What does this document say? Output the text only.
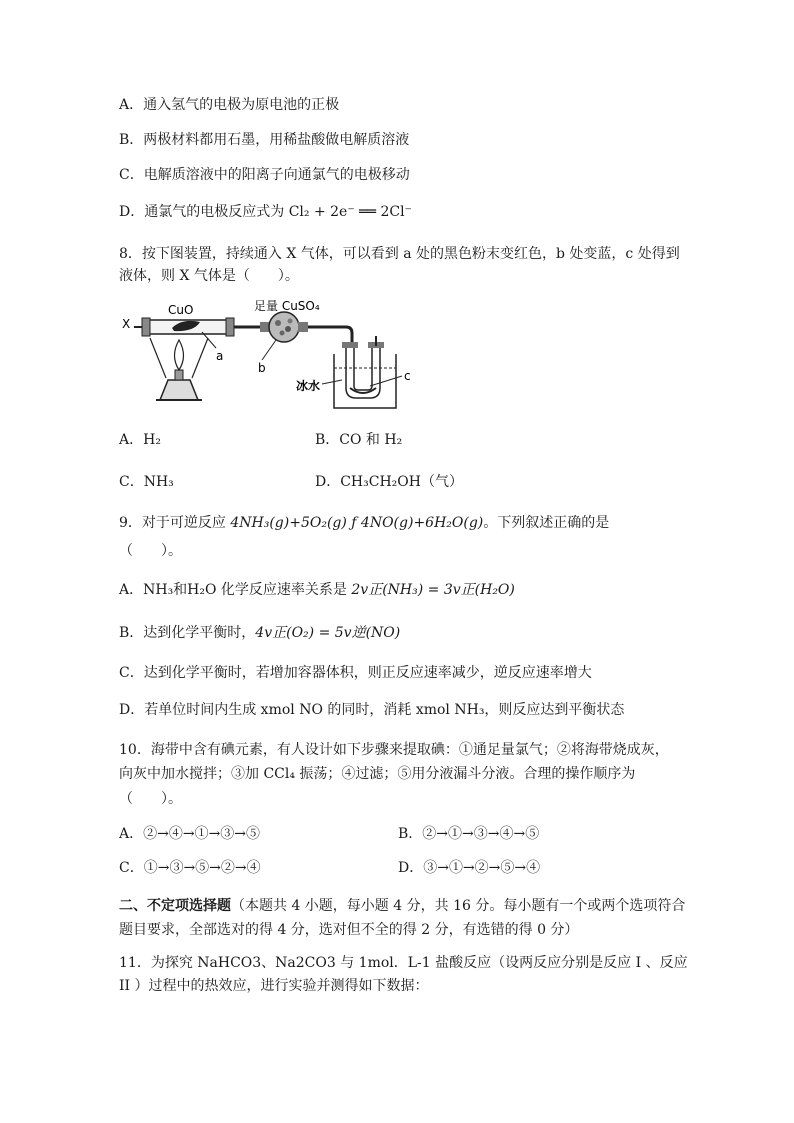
A．通入氢气的电极为原电池的正极
B．两极材料都用石墨，用稀盐酸做电解质溶液
C．电解质溶液中的阳离子向通氯气的电极移动
D．通氯气的电极反应式为 Cl₂ + 2e⁻ ══ 2Cl⁻
8．按下图装置，持续通入 X 气体，可以看到 a 处的黑色粉末变红色，b 处变蓝，c 处得到
液体，则 X 气体是（　　）。
X
CuO
a
足量 CuSO₄
b
c
冰水
A．H₂	B．CO 和 H₂
C．NH₃	D．CH₃CH₂OH（气）
9．对于可逆反应 4NH₃(g)+5O₂(g) ƒ 4NO(g)+6H₂O(g)。下列叙述正确的是
（　　）。
A．NH₃和H₂O 化学反应速率关系是 2v正(NH₃) = 3v正(H₂O)
B．达到化学平衡时，4v正(O₂) = 5v逆(NO)
C．达到化学平衡时，若增加容器体积，则正反应速率减少，逆反应速率增大
D．若单位时间内生成 xmol NO 的同时，消耗 xmol NH₃，则反应达到平衡状态
10．海带中含有碘元素，有人设计如下步骤来提取碘：①通足量氯气；②将海带烧成灰，
向灰中加水搅拌；③加 CCl₄ 振荡；④过滤；⑤用分液漏斗分液。合理的操作顺序为
（　　）。
A．②→④→①→③→⑤	B．②→①→③→④→⑤
C．①→③→⑤→②→④	D．③→①→②→⑤→④
二、不定项选择题（本题共 4 小题，每小题 4 分，共 16 分。每小题有一个或两个选项符合
题目要求，全部选对的得 4 分，选对但不全的得 2 分，有选错的得 0 分）
11．为探究 NaHCO3、Na2CO3 与 1mol．L-1 盐酸反应（设两反应分别是反应 I 、反应
II ）过程中的热效应，进行实验并测得如下数据：
